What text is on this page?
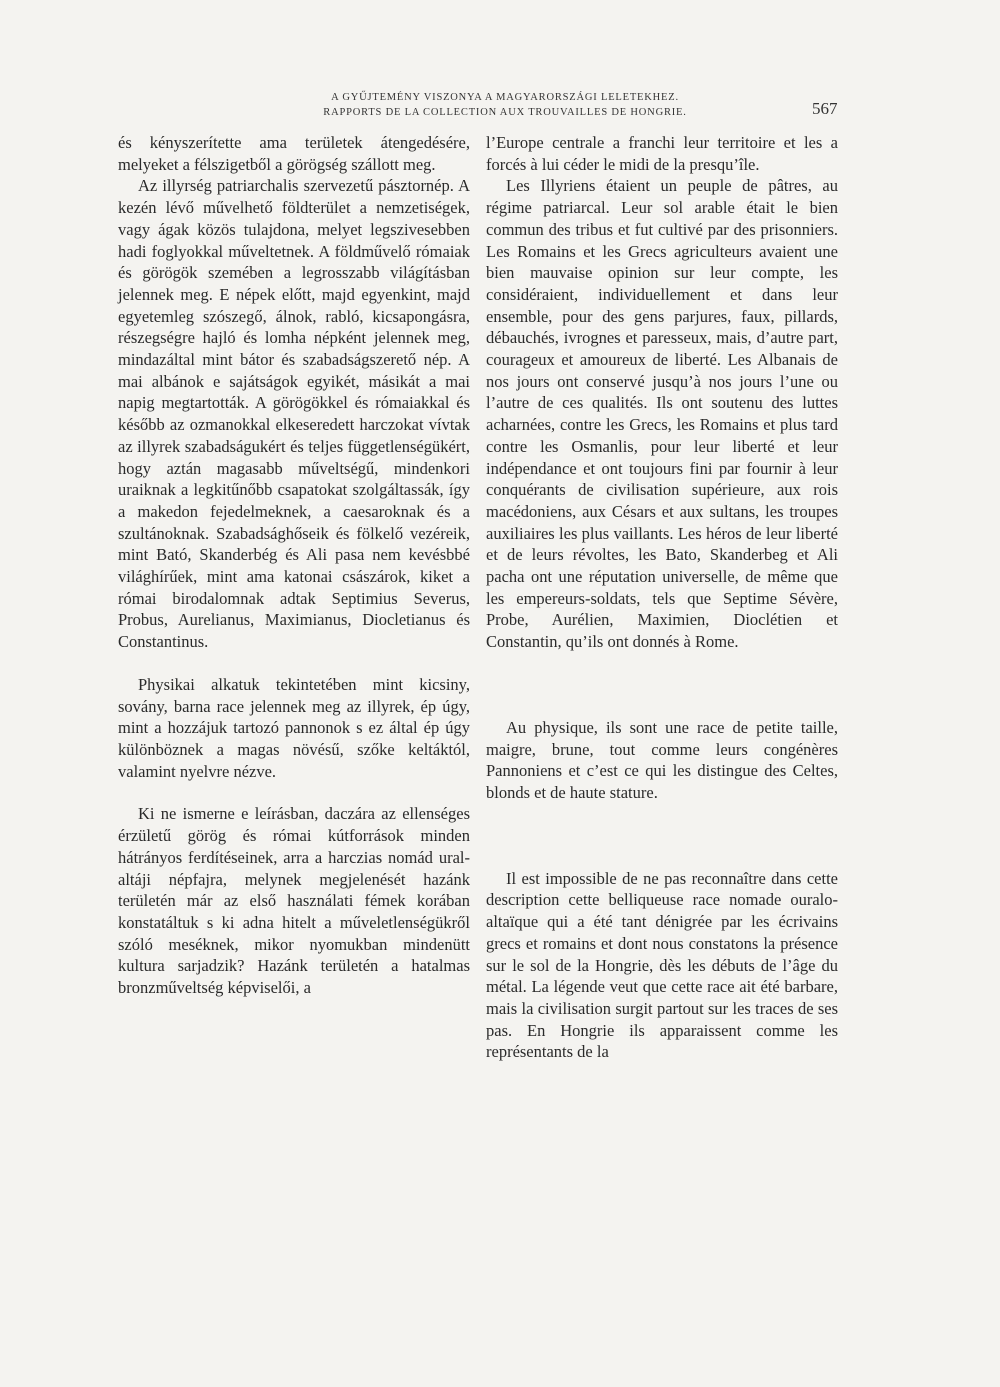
A GYŰJTEMÉNY VISZONYA A MAGYARORSZÁGI LELETEKHEZ.
RAPPORTS DE LA COLLECTION AUX TROUVAILLES DE HONGRIE.	567

és kényszerítette ama területek átengedésére, melyeket a félszigetből a görögség szállott meg.

Az illyrség patriarchalis szervezetű pásztornép. A kezén lévő művelhető földterület a nemzetiségek, vagy ágak közös tulajdona, melyet legszivesebben hadi foglyokkal műveltetnek. A földművelő rómaiak és görögök szemében a legrosszabb világításban jelennek meg. E népek előtt, majd egyenkint, majd egyetemleg szószegő, álnok, rabló, kicsapongásra, részegségre hajló és lomha népként jelennek meg, mindazáltal mint bátor és szabadságszerető nép. A mai albánok e sajátságok egyikét, másikát a mai napig megtartották. A görögökkel és rómaiakkal és később az ozmanokkal elkeseredett harczokat vívtak az illyrek szabadságukért és teljes függetlenségükért, hogy aztán magasabb műveltségű, mindenkori uraiknak a legkitűnőbb csapatokat szolgáltassák, így a makedon fejedelmeknek, a caesaroknak és a szultánoknak. Szabadsághőseik és fölkelő vezéreik, mint Bató, Skanderbég és Ali pasa nem kevésbbé világhírűek, mint ama katonai császárok, kiket a római birodalomnak adtak Septimius Severus, Probus, Aurelianus, Maximianus, Diocletianus és Constantinus.

Physikai alkatuk tekintetében mint kicsiny, sovány, barna race jelennek meg az illyrek, ép úgy, mint a hozzájuk tartozó pannonok s ez által ép úgy különböznek a magas növésű, szőke keltáktól, valamint nyelvre nézve.

Ki ne ismerne e leírásban, daczára az ellenséges érzületű görög és római kútforrások minden hátrányos ferdítéseinek, arra a harczias nomád ural-altáji népfajra, melynek megjelenését hazánk területén már az első használati fémek korában konstatáltuk s ki adna hitelt a műveletlenségükről szóló meséknek, mikor nyomukban mindenütt kultura sarjadzik? Hazánk területén a hatalmas bronzműveltség képviselői, a

l’Europe centrale a franchi leur territoire et les a forcés à lui céder le midi de la presqu’île.

Les Illyriens étaient un peuple de pâtres, au régime patriarcal. Leur sol arable était le bien commun des tribus et fut cultivé par des prisonniers. Les Romains et les Grecs agriculteurs avaient une bien mauvaise opinion sur leur compte, les considéraient, individuellement et dans leur ensemble, pour des gens parjures, faux, pillards, débauchés, ivrognes et paresseux, mais, d’autre part, courageux et amoureux de liberté. Les Albanais de nos jours ont conservé jusqu’à nos jours l’une ou l’autre de ces qualités. Ils ont soutenu des luttes acharnées, contre les Grecs, les Romains et plus tard contre les Osmanlis, pour leur liberté et leur indépendance et ont toujours fini par fournir à leur conquérants de civilisation supérieure, aux rois macédoniens, aux Césars et aux sultans, les troupes auxiliaires les plus vaillants. Les héros de leur liberté et de leurs révoltes, les Bato, Skanderbeg et Ali pacha ont une réputation universelle, de même que les empereurs-soldats, tels que Septime Sévère, Probe, Aurélien, Maximien, Dioclétien et Constantin, qu’ils ont donnés à Rome.

Au physique, ils sont une race de petite taille, maigre, brune, tout comme leurs congénères Pannoniens et c’est ce qui les distingue des Celtes, blonds et de haute stature.

Il est impossible de ne pas reconnaître dans cette description cette belliqueuse race nomade ouralo-altaïque qui a été tant dénigrée par les écrivains grecs et romains et dont nous constatons la présence sur le sol de la Hongrie, dès les débuts de l’âge du métal. La légende veut que cette race ait été barbare, mais la civilisation surgit partout sur les traces de ses pas. En Hongrie ils apparaissent comme les représentants de la
